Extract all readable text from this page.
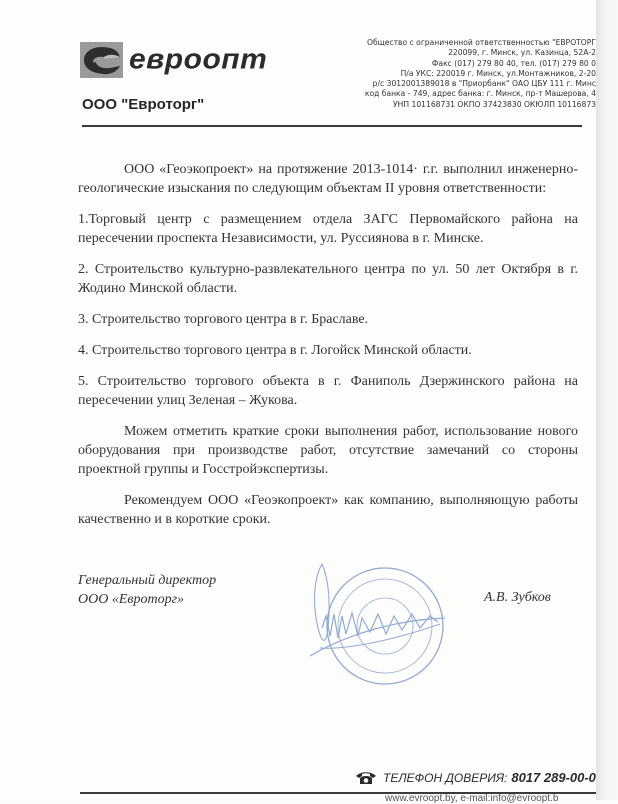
евроопт
ООО "Евроторг"
Общество с ограниченной ответственностью "ЕВРОТОРГ
220099, г. Минск, ул. Казинца, 52А-2
Факс (017) 279 80 40, тел. (017) 279 80 0
П/а УКС: 220019 г. Минск, ул.Монтажников, 2-20
р/с 3012001389018 в "Приорбанк" ОАО ЦБУ 111 г. Минс
код банка - 749, адрес банка: г. Минск, пр-т Машерова, 4
УНП 101168731 ОКПО 37423830 ОКЮЛП 10116873

ООО «Геоэкопроект» на протяжение 2013-1014· г.г. выполнил инженерно-геологические изыскания по следующим объектам II уровня ответственности:

1.Торговый центр с размещением отдела ЗАГС Первомайского района на пересечении проспекта Независимости, ул. Руссиянова в г. Минске.

2. Строительство культурно-развлекательного центра по ул. 50 лет Октября в г. Жодино Минской области.

3. Строительство торгового центра в г. Браславе.

4. Строительство торгового центра в г. Логойск Минской области.

5. Строительство торгового объекта в г. Фаниполь Дзержинского района на пересечении улиц Зеленая – Жукова.

Можем отметить краткие сроки выполнения работ, использование нового оборудования при производстве работ, отсутствие замечаний со стороны проектной группы и Госстройэкспертизы.

Рекомендуем ООО «Геоэкопроект» как компанию, выполняющую работы качественно и в короткие сроки.

Генеральный директор
ООО «Евроторг»	А.В. Зубков
ТЕЛЕФОН ДОВЕРИЯ: 8017 289-00-0
www.evroopt.by, e-mail:info@evroopt.b
